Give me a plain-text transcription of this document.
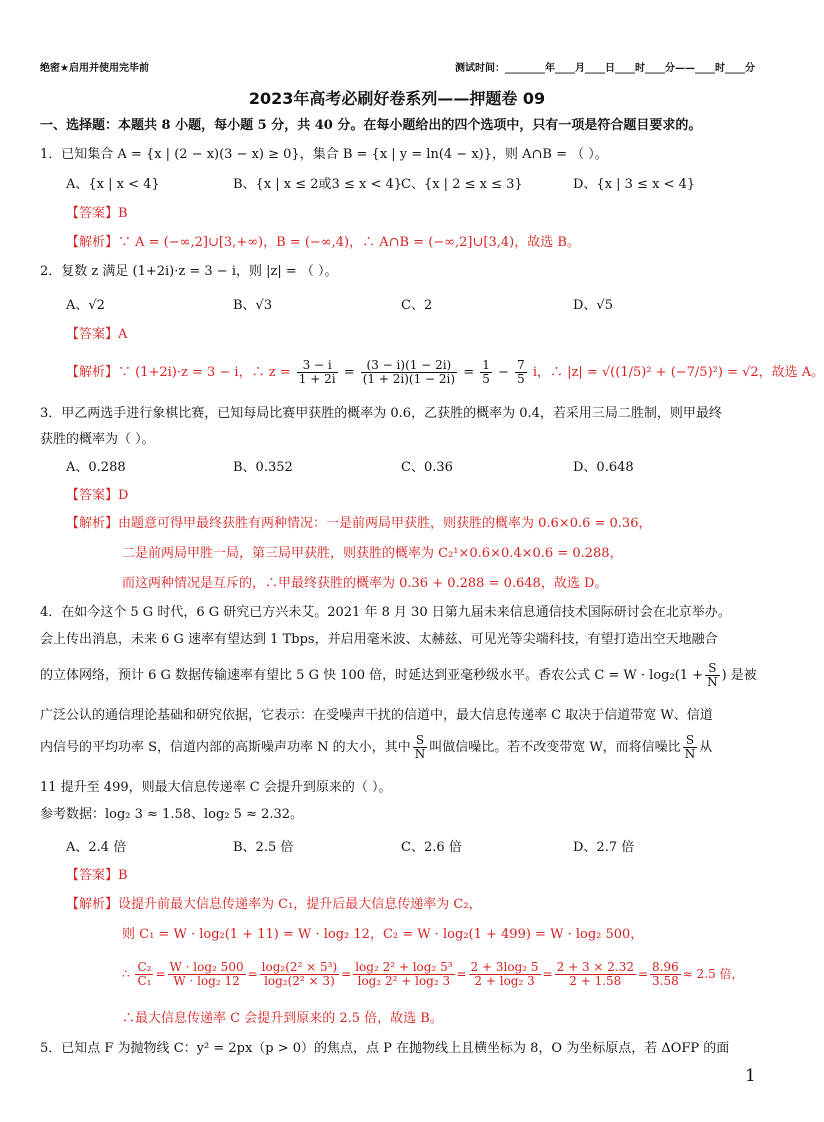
绝密★启用并使用完毕前	测试时间：________年____月____日____时____分——____时____分
2023年高考必刷好卷系列——押题卷 09
一、选择题：本题共 8 小题，每小题 5 分，共 40 分。在每小题给出的四个选项中，只有一项是符合题目要求的。
1．已知集合 A = {x | (2 − x)(3 − x) ≥ 0}，集合 B = {x | y = ln(4 − x)}，则 A∩B = （ ）。
A、{x | x < 4}	B、{x | x ≤ 2或3 ≤ x < 4}
C、{x | 2 ≤ x ≤ 3}	D、{x | 3 ≤ x < 4}
【答案】B
【解析】∵ A = (−∞,2]∪[3,+∞)，B = (−∞,4)，∴ A∩B = (−∞,2]∪[3,4)，故选 B。
2．复数 z 满足 (1+2i)·z = 3 − i，则 |z| = （ ）。
A、√2	B、√3	C、2	D、√5
【答案】A
【解析】∵ (1+2i)·z = 3 − i，∴ $z = \frac{3 - i}{1 + 2i} = \frac{(3 - i)(1 - 2i)}{(1 + 2i)(1 - 2i)} = \frac{1}{5} - \frac{7}{5}$ i，∴ |z| = √((1/5)² + (−7/5)²) = √2，故选 A。
3．甲乙两选手进行象棋比赛，已知每局比赛甲获胜的概率为 0.6，乙获胜的概率为 0.4，若采用三局二胜制，则甲最终
获胜的概率为（ ）。
A、0.288	B、0.352	C、0.36	D、0.648
【答案】D
【解析】由题意可得甲最终获胜有两种情况：一是前两局甲获胜，则获胜的概率为 0.6×0.6 = 0.36，
二是前两局甲胜一局，第三局甲获胜，则获胜的概率为 C₂¹×0.6×0.4×0.6 = 0.288，
而这两种情况是互斥的，∴甲最终获胜的概率为 0.36 + 0.288 = 0.648，故选 D。
4．在如今这个 5 G 时代，6 G 研究已方兴未艾。2021 年 8 月 30 日第九届未来信息通信技术国际研讨会在北京举办。
会上传出消息，未来 6 G 速率有望达到 1 Tbps，并启用毫米波、太赫兹、可见光等尖端科技，有望打造出空天地融合
的立体网络，预计 6 G 数据传输速率有望比 5 G 快 100 倍，时延达到亚毫秒级水平。香农公式 $C = W \cdot \log_2(1 + \frac{S}{N}$ ) 是被
广泛公认的通信理论基础和研究依据，它表示：在受噪声干扰的信道中，最大信息传递率 C 取决于信道带宽 W、信道
内信号的平均功率 S，信道内部的高斯噪声功率 N 的大小，其中 $\frac{S}{N}$ 叫做信噪比。若不改变带宽 W，而将信噪比 $\frac{S}{N}$ 从
11 提升至 499，则最大信息传递率 C 会提升到原来的（ ）。
参考数据：log₂ 3 ≈ 1.58、log₂ 5 ≈ 2.32。
A、2.4 倍	B、2.5 倍	C、2.6 倍	D、2.7 倍
【答案】B
【解析】设提升前最大信息传递率为 C₁，提升后最大信息传递率为 C₂，
则 C₁ = W · log₂(1 + 11) = W · log₂ 12，C₂ = W · log₂(1 + 499) = W · log₂ 500，
∴ $\frac{\text{C₂}}{\text{C₁}} = \frac{\text{W · log₂ 500}}{\text{W · log₂ 12}} = \frac{\text{log₂(2² × 5³)}}{\text{log₂(2² × 3)}} = \frac{\text{log₂ 2² + log₂ 5³}}{\text{log₂ 2² + log₂ 3}} = \frac{\text{2 + 3log₂ 5}}{\text{2 + log₂ 3}} = \frac{2 + 3 \times 2.32}{2 + 1.58} = \frac{8.96}{3.58} \approx 2.5$ 倍，
∴最大信息传递率 C 会提升到原来的 2.5 倍，故选 B。
5．已知点 F 为抛物线 C：y² = 2px（p > 0）的焦点，点 P 在抛物线上且横坐标为 8，O 为坐标原点，若 ΔOFP 的面
1
